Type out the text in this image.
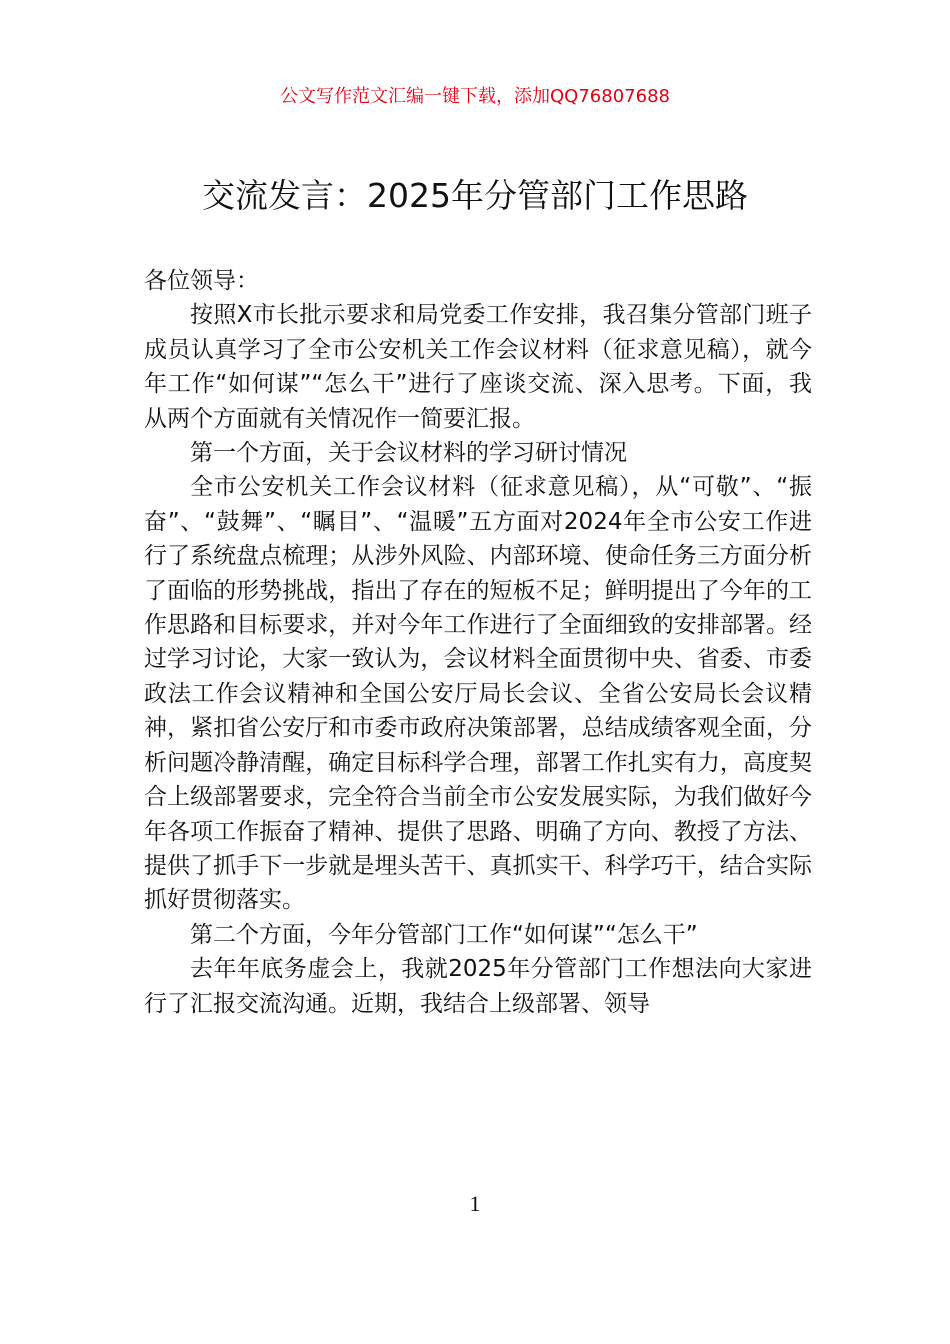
公文写作范文汇编一键下载，添加QQ76807688
交流发言：2025年分管部门工作思路

各位领导：

按照X市长批示要求和局党委工作安排，我召集分管部门班子成员认真学习了全市公安机关工作会议材料（征求意见稿），就今年工作“如何谋”“怎么干”进行了座谈交流、深入思考。下面，我从两个方面就有关情况作一简要汇报。

第一个方面，关于会议材料的学习研讨情况

全市公安机关工作会议材料（征求意见稿），从“可敬”、“振奋”、“鼓舞”、“瞩目”、“温暖”五方面对2024年全市公安工作进行了系统盘点梳理；从涉外风险、内部环境、使命任务三方面分析了面临的形势挑战，指出了存在的短板不足；鲜明提出了今年的工作思路和目标要求，并对今年工作进行了全面细致的安排部署。经过学习讨论，大家一致认为，会议材料全面贯彻中央、省委、市委政法工作会议精神和全国公安厅局长会议、全省公安局长会议精神，紧扣省公安厅和市委市政府决策部署，总结成绩客观全面，分析问题冷静清醒，确定目标科学合理，部署工作扎实有力，高度契合上级部署要求，完全符合当前全市公安发展实际，为我们做好今年各项工作振奋了精神、提供了思路、明确了方向、教授了方法、提供了抓手下一步就是埋头苦干、真抓实干、科学巧干，结合实际抓好贯彻落实。

第二个方面，今年分管部门工作“如何谋”“怎么干”

去年年底务虚会上，我就2025年分管部门工作想法向大家进行了汇报交流沟通。近期，我结合上级部署、领导

1
